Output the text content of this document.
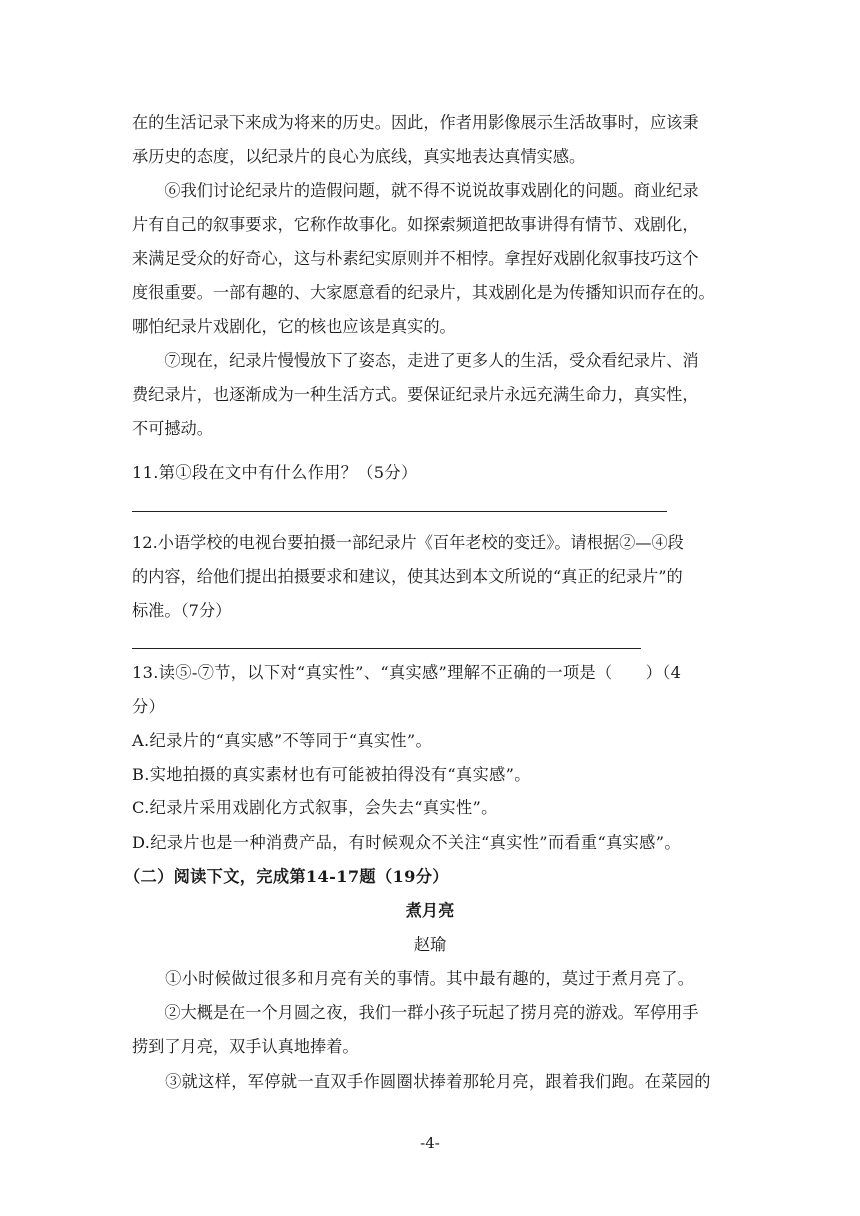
在的生活记录下来成为将来的历史。因此，作者用影像展示生活故事时，应该秉
承历史的态度，以纪录片的良心为底线，真实地表达真情实感。
　　⑥我们讨论纪录片的造假问题，就不得不说说故事戏剧化的问题。商业纪录
片有自己的叙事要求，它称作故事化。如探索频道把故事讲得有情节、戏剧化，
来满足受众的好奇心，这与朴素纪实原则并不相悖。拿捏好戏剧化叙事技巧这个
度很重要。一部有趣的、大家愿意看的纪录片，其戏剧化是为传播知识而存在的。
哪怕纪录片戏剧化，它的核也应该是真实的。
　　⑦现在，纪录片慢慢放下了姿态，走进了更多人的生活，受众看纪录片、消
费纪录片，也逐渐成为一种生活方式。要保证纪录片永远充满生命力，真实性，
不可撼动。
11.第①段在文中有什么作用？（5分）
12.小语学校的电视台要拍摄一部纪录片《百年老校的变迁》。请根据②—④段
的内容，给他们提出拍摄要求和建议，使其达到本文所说的“真正的纪录片”的
标准。（7分）
13.读⑤-⑦节，以下对“真实性”、“真实感”理解不正确的一项是（　　）（4
分）
A.纪录片的“真实感”不等同于“真实性”。
B.实地拍摄的真实素材也有可能被拍得没有“真实感”。
C.纪录片采用戏剧化方式叙事，会失去“真实性”。
D.纪录片也是一种消费产品，有时候观众不关注“真实性”而看重“真实感”。
（二）阅读下文，完成第14-17题（19分）
煮月亮
赵瑜
　　①小时候做过很多和月亮有关的事情。其中最有趣的，莫过于煮月亮了。
　　②大概是在一个月圆之夜，我们一群小孩子玩起了捞月亮的游戏。军停用手
捞到了月亮，双手认真地捧着。
　　③就这样，军停就一直双手作圆圈状捧着那轮月亮，跟着我们跑。在菜园的
-4-
